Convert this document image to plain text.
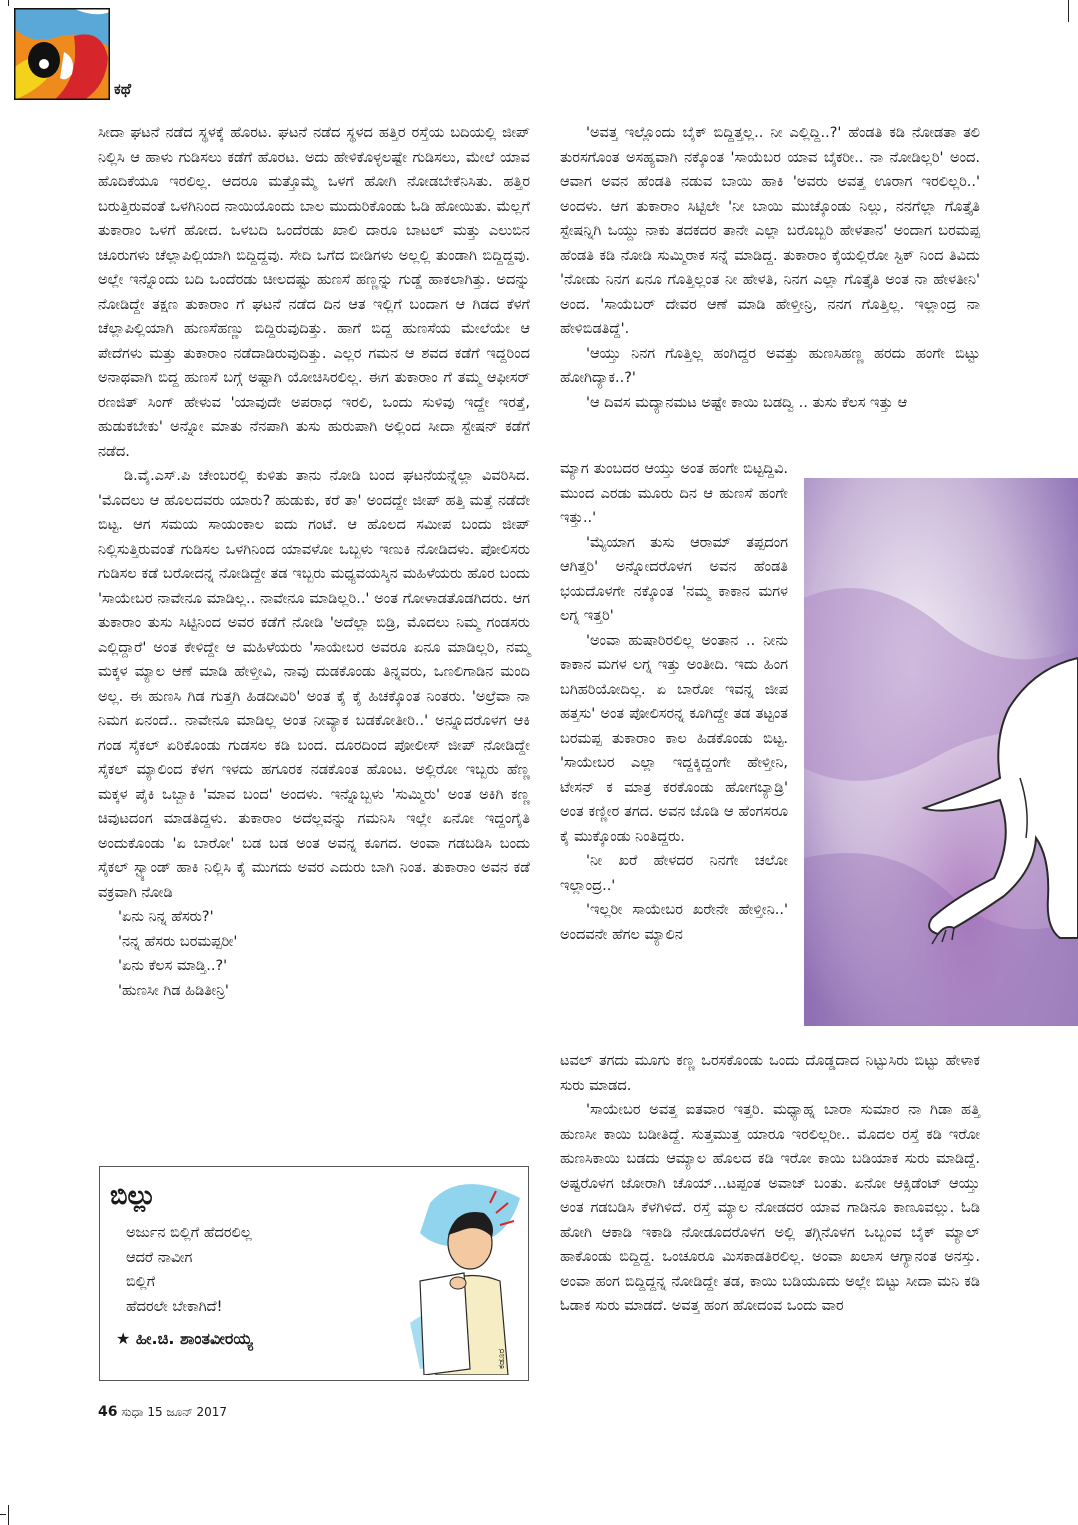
ಕಥೆ

ಸೀದಾ ಘಟನೆ ನಡೆದ ಸ್ಥಳಕ್ಕೆ ಹೊರಟ. ಘಟನೆ ನಡೆದ ಸ್ಥಳದ ಹತ್ತಿರ ರಸ್ತೆಯ ಬದಿಯಲ್ಲಿ ಜೀಪ್ ನಿಲ್ಲಿಸಿ ಆ ಹಾಳು ಗುಡಿಸಲು ಕಡೆಗೆ ಹೊರಟ. ಅದು ಹೇಳಿಕೊಳ್ಳಲಷ್ಟೇ ಗುಡಿಸಲು, ಮೇಲೆ ಯಾವ ಹೊದಿಕೆಯೂ ಇರಲಿಲ್ಲ. ಆದರೂ ಮತ್ತೊಮ್ಮೆ ಒಳಗೆ ಹೋಗಿ ನೋಡಬೇಕೆನಿಸಿತು. ಹತ್ತಿರ ಬರುತ್ತಿರುವಂತೆ ಒಳಗಿನಿಂದ ನಾಯಿಯೊಂದು ಬಾಲ ಮುದುರಿಕೊಂಡು ಓಡಿ ಹೋಯಿತು. ಮೆಲ್ಲಗೆ ತುಕಾರಾಂ ಒಳಗೆ ಹೋದ. ಒಳಬದಿ ಒಂದೆರಡು ಖಾಲಿ ದಾರೂ ಬಾಟಲ್ ಮತ್ತು ಎಲುಬಿನ ಚೂರುಗಳು ಚೆಲ್ಲಾಪಿಲ್ಲಿಯಾಗಿ ಬಿದ್ದಿದ್ದವು. ಸೇದಿ ಒಗೆದ ಬೀಡಿಗಳು ಅಲ್ಲಲ್ಲಿ ತುಂಡಾಗಿ ಬಿದ್ದಿದ್ದವು. ಅಲ್ಲೇ ಇನ್ನೊಂದು ಬದಿ ಒಂದೆರಡು ಚೀಲದಷ್ಟು ಹುಣಸೆ ಹಣ್ಣನ್ನು ಗುಡ್ಡೆ ಹಾಕಲಾಗಿತ್ತು. ಅದನ್ನು ನೋಡಿದ್ದೇ ತಕ್ಷಣ ತುಕಾರಾಂ ಗೆ ಘಟನೆ ನಡೆದ ದಿನ ಆತ ಇಲ್ಲಿಗೆ ಬಂದಾಗ ಆ ಗಿಡದ ಕೆಳಗೆ ಚೆಲ್ಲಾಪಿಲ್ಲಿಯಾಗಿ ಹುಣಸೆಹಣ್ಣು ಬಿದ್ದಿರುವುದಿತ್ತು. ಹಾಗೆ ಬಿದ್ದ ಹುಣಸೆಯ ಮೇಲೆಯೇ ಆ ಪೇದೆಗಳು ಮತ್ತು ತುಕಾರಾಂ ನಡೆದಾಡಿರುವುದಿತ್ತು. ಎಲ್ಲರ ಗಮನ ಆ ಶವದ ಕಡೆಗೆ ಇದ್ದರಿಂದ ಅನಾಥವಾಗಿ ಬಿದ್ದ ಹುಣಸೆ ಬಗ್ಗೆ ಅಷ್ಟಾಗಿ ಯೋಚಿಸಿರಲಿಲ್ಲ. ಈಗ ತುಕಾರಾಂ ಗೆ ತಮ್ಮ ಆಫೀಸರ್ ರಣಜಿತ್ ಸಿಂಗ್ ಹೇಳುವ 'ಯಾವುದೇ ಅಪರಾಧ ಇರಲಿ, ಒಂದು ಸುಳಿವು ಇದ್ದೇ ಇರತ್ತೆ, ಹುಡುಕಬೇಕು' ಅನ್ನೋ ಮಾತು ನೆನಪಾಗಿ ತುಸು ಹುರುಪಾಗಿ ಅಲ್ಲಿಂದ ಸೀದಾ ಸ್ಟೇಷನ್ ಕಡೆಗೆ ನಡೆದ.

ಡಿ.ವೈ.ಎಸ್.ಪಿ ಚೇಂಬರಲ್ಲಿ ಕುಳಿತು ತಾನು ನೋಡಿ ಬಂದ ಘಟನೆಯನ್ನೆಲ್ಲಾ ವಿವರಿಸಿದ. 'ಮೊದಲು ಆ ಹೊಲದವರು ಯಾರು? ಹುಡುಕು, ಕರೆ ತಾ' ಅಂದದ್ದೇ ಜೀಪ್ ಹತ್ತಿ ಮತ್ತೆ ನಡೆದೇ ಬಿಟ್ಟ. ಆಗ ಸಮಯ ಸಾಯಂಕಾಲ ಐದು ಗಂಟೆ. ಆ ಹೊಲದ ಸಮೀಪ ಬಂದು ಜೀಪ್ ನಿಲ್ಲಿಸುತ್ತಿರುವಂತೆ ಗುಡಿಸಲ ಒಳಗಿನಿಂದ ಯಾವಳೋ ಒಬ್ಬಳು ಇಣುಕಿ ನೋಡಿದಳು. ಪೋಲಿಸರು ಗುಡಿಸಲ ಕಡೆ ಬರೋದನ್ನ ನೋಡಿದ್ದೇ ತಡ ಇಬ್ಬರು ಮಧ್ಯವಯಸ್ಕಿನ ಮಹಿಳೆಯರು ಹೊರ ಬಂದು 'ಸಾಯೇಬರ ನಾವೇನೂ ಮಾಡಿಲ್ಲ.. ನಾವೇನೂ ಮಾಡಿಲ್ಲರಿ..' ಅಂತ ಗೋಳಾಡತೊಡಗಿದರು. ಆಗ ತುಕಾರಾಂ ತುಸು ಸಿಟ್ಟಿನಿಂದ ಅವರ ಕಡೆಗೆ ನೋಡಿ 'ಅದೆಲ್ಲಾ ಬಿಡ್ರಿ, ಮೊದಲು ನಿಮ್ಮ ಗಂಡಸರು ಎಲ್ಲಿದ್ದಾರೆ' ಅಂತ ಕೇಳಿದ್ದೇ ಆ ಮಹಿಳೆಯರು 'ಸಾಯೇಬರ ಅವರೂ ಏನೂ ಮಾಡಿಲ್ಲರಿ, ನಮ್ಮ ಮಕ್ಕಳ ಮ್ಯಾಲ ಆಣೆ ಮಾಡಿ ಹೇಳ್ತೀವಿ, ನಾವು ದುಡಕೊಂಡು ತಿನ್ನವರು, ಒಣಲಿಗಾಡಿನ ಮಂದಿ ಅಲ್ಲ. ಈ ಹುಣಸಿ ಗಿಡ ಗುತ್ತಗಿ ಹಿಡದೀವಿರಿ' ಅಂತ ಕೈ ಕೈ ಹಿಚಕ್ಕೊಂತ ನಿಂತರು. 'ಅಲ್ರೆವಾ ನಾ ನಿಮಗ ಏನಂದೆ.. ನಾವೇನೂ ಮಾಡಿಲ್ಲ ಅಂತ ನೀವ್ಯಾಕ ಬಡಕೋತೀರಿ..' ಅನ್ನೂದರೊಳಗ ಆಕಿ ಗಂಡ ಸೈಕಲ್ ಏರಿಕೊಂಡು ಗುಡಸಲ ಕಡಿ ಬಂದ. ದೂರದಿಂದ ಪೋಲೀಸ್ ಜೀಪ್ ನೋಡಿದ್ದೇ ಸೈಕಲ್ ಮ್ಯಾಲಿಂದ ಕೆಳಗ ಇಳದು ಹಗೂರಕ ನಡಕೊಂತ ಹೊಂಟ. ಅಲ್ಲಿರೋ ಇಬ್ಬರು ಹೆಣ್ಣ ಮಕ್ಕಳ ಪೈಕಿ ಒಬ್ಬಾಕಿ 'ಮಾವ ಬಂದ' ಅಂದಳು. ಇನ್ನೊಬ್ಬಳು 'ಸುಮ್ಮಿರು' ಅಂತ ಅಕಿಗಿ ಕಣ್ಣ ಚಿವುಟದಂಗ ಮಾಡತಿದ್ದಳು. ತುಕಾರಾಂ ಅದೆಲ್ಲವನ್ನು ಗಮನಿಸಿ ಇಲ್ಲೇ ಏನೋ ಇದ್ದಂಗೈತಿ ಅಂದುಕೊಂಡು 'ಏ ಬಾರೋ' ಬಡ ಬಡ ಅಂತ ಅವನ್ನ ಕೂಗದ. ಅಂವಾ ಗಡಬಡಿಸಿ ಬಂದು ಸೈಕಲ್ ಸ್ಟ್ಯಾಂಡ್ ಹಾಕಿ ನಿಲ್ಲಿಸಿ ಕೈ ಮುಗದು ಅವರ ಎದುರು ಬಾಗಿ ನಿಂತ. ತುಕಾರಾಂ ಅವನ ಕಡೆ ವಕ್ರವಾಗಿ ನೋಡಿ

'ಏನು ನಿನ್ನ ಹೆಸರು?'

'ನನ್ನ ಹೆಸರು ಬರಮಪ್ಪರೀ'

'ಏನು ಕೆಲಸ ಮಾಡ್ತಿ..?'

'ಹುಣಸೀ ಗಿಡ ಹಿಡಿತೀನ್ರಿ'

'ಅವತ್ತ ಇಲ್ಲೊಂದು ಬೈಕ್ ಬಿದ್ದಿತ್ತಲ್ಲ.. ನೀ ಎಲ್ಲಿದ್ದಿ..?' ಹೆಂಡತಿ ಕಡಿ ನೋಡತಾ ತಲಿ ತುರಸಗೊಂತ ಅಸಹ್ಯವಾಗಿ ನಕ್ಕೊಂತ 'ಸಾಯೆಬರ ಯಾವ ಬೈಕರೀ.. ನಾ ನೋಡಿಲ್ಲರಿ' ಅಂದ. ಆವಾಗ ಅವನ ಹೆಂಡತಿ ನಡುವ ಬಾಯಿ ಹಾಕಿ 'ಅವರು ಅವತ್ತ ಊರಾಗ ಇರಲಿಲ್ಲರಿ..' ಅಂದಳು. ಆಗ ತುಕಾರಾಂ ಸಿಟ್ಟಿಲೇ 'ನೀ ಬಾಯಿ ಮುಚ್ಕೊಂಡು ನಿಲ್ಲು, ನನಗೆಲ್ಲಾ ಗೊತ್ತೈತಿ ಸ್ಟೇಷನ್ನಿಗಿ ಒಯ್ದು ನಾಕು ತದಕದರ ತಾನೇ ಎಲ್ಲಾ ಬರೊಬ್ಬರಿ ಹೇಳತಾನ' ಅಂದಾಗ ಬರಮಪ್ಪ ಹೆಂಡತಿ ಕಡಿ ನೋಡಿ ಸುಮ್ಮಿರಾಕ ಸನ್ನೆ ಮಾಡಿದ್ದ. ತುಕಾರಾಂ ಕೈಯಲ್ಲಿರೋ ಸ್ಟಿಕ್ ನಿಂದ ತಿವಿದು 'ನೋಡು ನಿನಗ ಏನೂ ಗೊತ್ತಿಲ್ಲಂತ ನೀ ಹೇಳತಿ, ನಿನಗ ಎಲ್ಲಾ ಗೊತ್ತೈತಿ ಅಂತ ನಾ ಹೇಳತೀನಿ' ಅಂದ. 'ಸಾಯೆಬರ್ ದೇವರ ಆಣೆ ಮಾಡಿ ಹೇಳ್ತೀನ್ರಿ, ನನಗ ಗೊತ್ತಿಲ್ಲ. ಇಲ್ಲಾಂದ್ರ ನಾ ಹೇಳಿಬಿಡತಿದ್ದೆ'.

'ಆಯ್ತು ನಿನಗ ಗೊತ್ತಿಲ್ಲ ಹಂಗಿದ್ದರ ಅವತ್ತು ಹುಣಸಿಹಣ್ಣ ಹರದು ಹಂಗೇ ಬಿಟ್ಟು ಹೋಗಿದ್ಯಾಕ..?'

'ಆ ದಿವಸ ಮದ್ಯಾನಮಟ ಅಷ್ಟೇ ಕಾಯಿ ಬಡದ್ವಿ .. ತುಸು ಕೆಲಸ ಇತ್ತು ಆ

ಮ್ಯಾಗ ತುಂಬದರ ಆಯ್ತು ಅಂತ ಹಂಗೇ ಬಿಟ್ಟದ್ದಿವಿ. ಮುಂದ ಎರಡು ಮೂರು ದಿನ ಆ ಹುಣಸೆ ಹಂಗೇ ಇತ್ತು..'

'ಮ್ಯೆಯಾಗ ತುಸು ಆರಾಮ್ ತಪ್ಪದಂಗ ಆಗಿತ್ತರಿ' ಅನ್ನೋದರೊಳಗ ಅವನ ಹೆಂಡತಿ ಭಯದೊಳಗೇ ನಕ್ಕೊಂತ 'ನಮ್ಮ ಕಾಕಾನ ಮಗಳ ಲಗ್ನ ಇತ್ತರಿ'

'ಅಂವಾ ಹುಷಾರಿರಲಿಲ್ಲ ಅಂತಾನ .. ನೀನು ಕಾಕಾನ ಮಗಳ ಲಗ್ನ ಇತ್ತು ಅಂತೀದಿ. ಇದು ಹಿಂಗ ಬಗಿಹರಿಯೋದಿಲ್ಲ. ಏ ಬಾರೋ ಇವನ್ನ ಜೀಪ ಹತ್ತಸು' ಅಂತ ಪೋಲಿಸರನ್ನ ಕೂಗಿದ್ದೇ ತಡ ತಟ್ಟಂತ ಬರಮಪ್ಪ ತುಕಾರಾಂ ಕಾಲ ಹಿಡಕೊಂಡು ಬಿಟ್ಟ. 'ಸಾಯೇಬರ ಎಲ್ಲಾ ಇದ್ದಕ್ಕಿದ್ದಂಗೇ ಹೇಳ್ತೀನಿ, ಟೇಸನ್ ಕ ಮಾತ್ರ ಕರಕೊಂಡು ಹೋಗಬ್ಯಾಡ್ರಿ' ಅಂತ ಕಣ್ಣೀರ ತಗದ. ಅವನ ಜೊಡಿ ಆ ಹೆಂಗಸರೂ ಕೈ ಮುಕ್ಕೊಂಡು ನಿಂತಿದ್ದರು.

'ನೀ ಖರೆ ಹೇಳದರ ನಿನಗೇ ಚಲೋ ಇಲ್ಲಾಂದ್ರ..'

'ಇಲ್ಲರೀ ಸಾಯೇಬರ ಖರೇನೇ ಹೇಳ್ತೀನಿ..' ಅಂದವನೇ ಹೆಗಲ ಮ್ಯಾಲಿನ

ಟವಲ್ ತಗದು ಮೂಗು ಕಣ್ಣ ಒರಸಕೊಂಡು ಒಂದು ದೊಡ್ಡದಾದ ನಿಟ್ಟುಸಿರು ಬಿಟ್ಟು ಹೇಳಾಕ ಸುರು ಮಾಡದ.

'ಸಾಯೇಬರ ಅವತ್ತ ಐತವಾರ ಇತ್ತರಿ. ಮಧ್ಯಾಹ್ನ ಬಾರಾ ಸುಮಾರ ನಾ ಗಿಡಾ ಹತ್ತಿ ಹುಣಸೀ ಕಾಯಿ ಬಡೀತಿದ್ದೆ. ಸುತ್ತಮುತ್ತ ಯಾರೂ ಇರಲಿಲ್ಲರೀ.. ಮೊದಲ ರಸ್ತೆ ಕಡಿ ಇರೋ ಹುಣಸಿಕಾಯಿ ಬಡದು ಆಮ್ಯಾಲ ಹೊಲದ ಕಡಿ ಇರೋ ಕಾಯಿ ಬಡಿಯಾಕ ಸುರು ಮಾಡಿದ್ದೆ. ಅಷ್ಟರೊಳಗ ಜೋರಾಗಿ ಚೊಯ್...ಟಪ್ಪಂತ ಅವಾಜ್ ಬಂತು. ಏನೋ ಆಕ್ಸಿಡೆಂಟ್ ಆಯ್ತು ಅಂತ ಗಡಬಡಿಸಿ ಕೆಳಗಿಳಿದೆ. ರಸ್ತೆ ಮ್ಯಾಲ ನೋಡದರ ಯಾವ ಗಾಡಿನೂ ಕಾಣೂವಲ್ಲು. ಓಡಿ ಹೋಗಿ ಆಕಾಡಿ ಇಕಾಡಿ ನೋಡೂದರೊಳಗ ಅಲ್ಲಿ ತಗ್ಗಿನೊಳಗ ಒಬ್ಬಂವ ಬೈಕ್ ಮ್ಯಾಲ್ ಹಾಕೊಂಡು ಬಿದ್ದಿದ್ದ. ಒಂಚೂರೂ ಮಿಸಕಾಡತಿರಲಿಲ್ಲ. ಅಂವಾ ಖಲಾಸ ಆಗ್ಯಾನಂತ ಅನಸ್ತು. ಅಂವಾ ಹಂಗ ಬಿದ್ದಿದ್ದನ್ನ ನೋಡಿದ್ದೇ ತಡ, ಕಾಯಿ ಬಡಿಯೂದು ಅಲ್ಲೇ ಬಿಟ್ಟು ಸೀದಾ ಮನಿ ಕಡಿ ಓಡಾಕ ಸುರು ಮಾಡದೆ. ಅವತ್ತ ಹಂಗ ಹೋದಂವ ಒಂದು ವಾರ

ಬಿಲ್ಲು
ಅರ್ಜುನ ಬಿಲ್ಲಿಗೆ ಹೆದರಲಿಲ್ಲ
ಆದರೆ ನಾವೀಗ
ಬಿಲ್ಲಿಗೆ
ಹೆದರಲೇ ಬೇಕಾಗಿದೆ!
★ ಹೀ.ಚಿ. ಶಾಂತವೀರಯ್ಯ
ಕಡೂರ
46 ಸುಧಾ 15 ಜೂನ್ 2017
